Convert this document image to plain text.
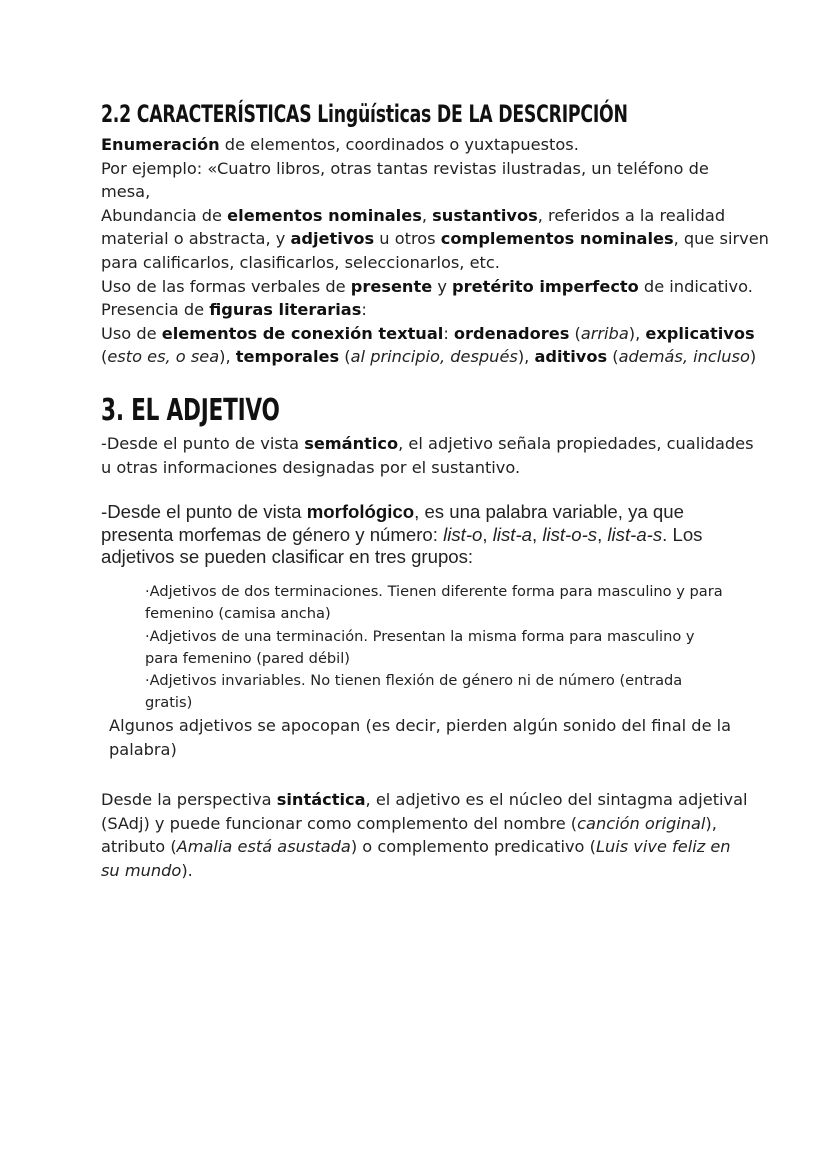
2.2 CARACTERÍSTICAS Lingüísticas DE LA DESCRIPCIÓN
Enumeración de elementos, coordinados o yuxtapuestos.
Por ejemplo: «Cuatro libros, otras tantas revistas ilustradas, un teléfono de
mesa,
Abundancia de elementos nominales, sustantivos, referidos a la realidad
material o abstracta, y adjetivos u otros complementos nominales, que sirven
para calificarlos, clasificarlos, seleccionarlos, etc.
Uso de las formas verbales de presente y pretérito imperfecto de indicativo.
Presencia de figuras literarias:
Uso de elementos de conexión textual: ordenadores (arriba), explicativos
(esto es, o sea), temporales (al principio, después), aditivos (además, incluso)
3. EL ADJETIVO
-Desde el punto de vista semántico, el adjetivo señala propiedades, cualidades
u otras informaciones designadas por el sustantivo.
-Desde el punto de vista morfológico, es una palabra variable, ya que
presenta morfemas de género y número: list-o, list-a, list-o-s, list-a-s. Los
adjetivos se pueden clasificar en tres grupos:
·Adjetivos de dos terminaciones. Tienen diferente forma para masculino y para
femenino (camisa ancha)
·Adjetivos de una terminación. Presentan la misma forma para masculino y
para femenino (pared débil)
·Adjetivos invariables. No tienen flexión de género ni de número (entrada
gratis)
Algunos adjetivos se apocopan (es decir, pierden algún sonido del final de la
palabra)
Desde la perspectiva sintáctica, el adjetivo es el núcleo del sintagma adjetival
(SAdj) y puede funcionar como complemento del nombre (canción original),
atributo (Amalia está asustada) o complemento predicativo (Luis vive feliz en
su mundo).
